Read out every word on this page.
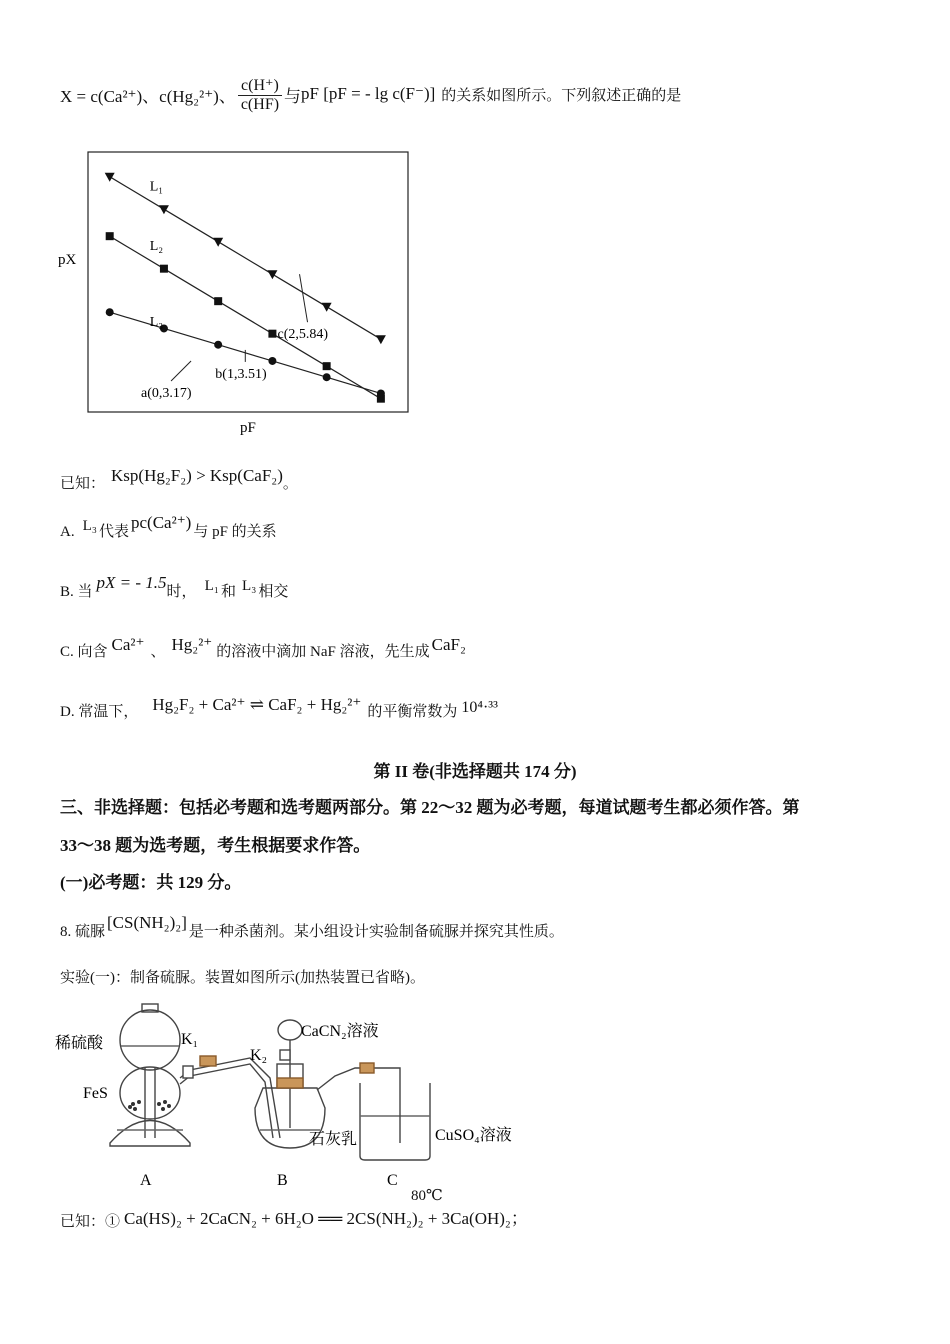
X = c(Ca²⁺)、c(Hg₂²⁺)、 $\frac{c(H^+)}{c(HF)}$ 与 pF [pF = - lg c(F⁻)] 的关系如图所示。下列叙述正确的是
pX
pF
L₁
L₂
L₃
c(2,5.84)
b(1,3.51)
a(0,3.17)
已知： Ksp(Hg₂F₂) > Ksp(CaF₂) 。
A. L₃ 代表 pc(Ca²⁺) 与 pF 的关系
B. 当 pX = - 1.5 时， L₁ 和 L₃ 相交
C. 向含 Ca²⁺ 、 Hg₂²⁺ 的溶液中滴加 NaF 溶液，先生成 CaF₂
D. 常温下， Hg₂F₂ + Ca²⁺ ⇌ CaF₂ + Hg₂²⁺ 的平衡常数为 10⁴·³³
第 II 卷(非选择题共 174 分)
三、非选择题：包括必考题和选考题两部分。第 22～32 题为必考题，每道试题考生都必须作答。第
33～38 题为选考题，考生根据要求作答。
(一)必考题：共 129 分。
8. 硫脲
[CS(NH₂)₂]
是一种杀菌剂。某小组设计实验制备硫脲并探究其性质。
实验(一)：制备硫脲。装置如图所示(加热装置已省略)。
稀硫酸
FeS
K₁
K₂
CaCN₂溶液
石灰乳	CuSO₄溶液
A	B	C
已知：①
80℃
Ca(HS)₂ + 2CaCN₂ + 6H₂O ══ 2CS(NH₂)₂ + 3Ca(OH)₂；
